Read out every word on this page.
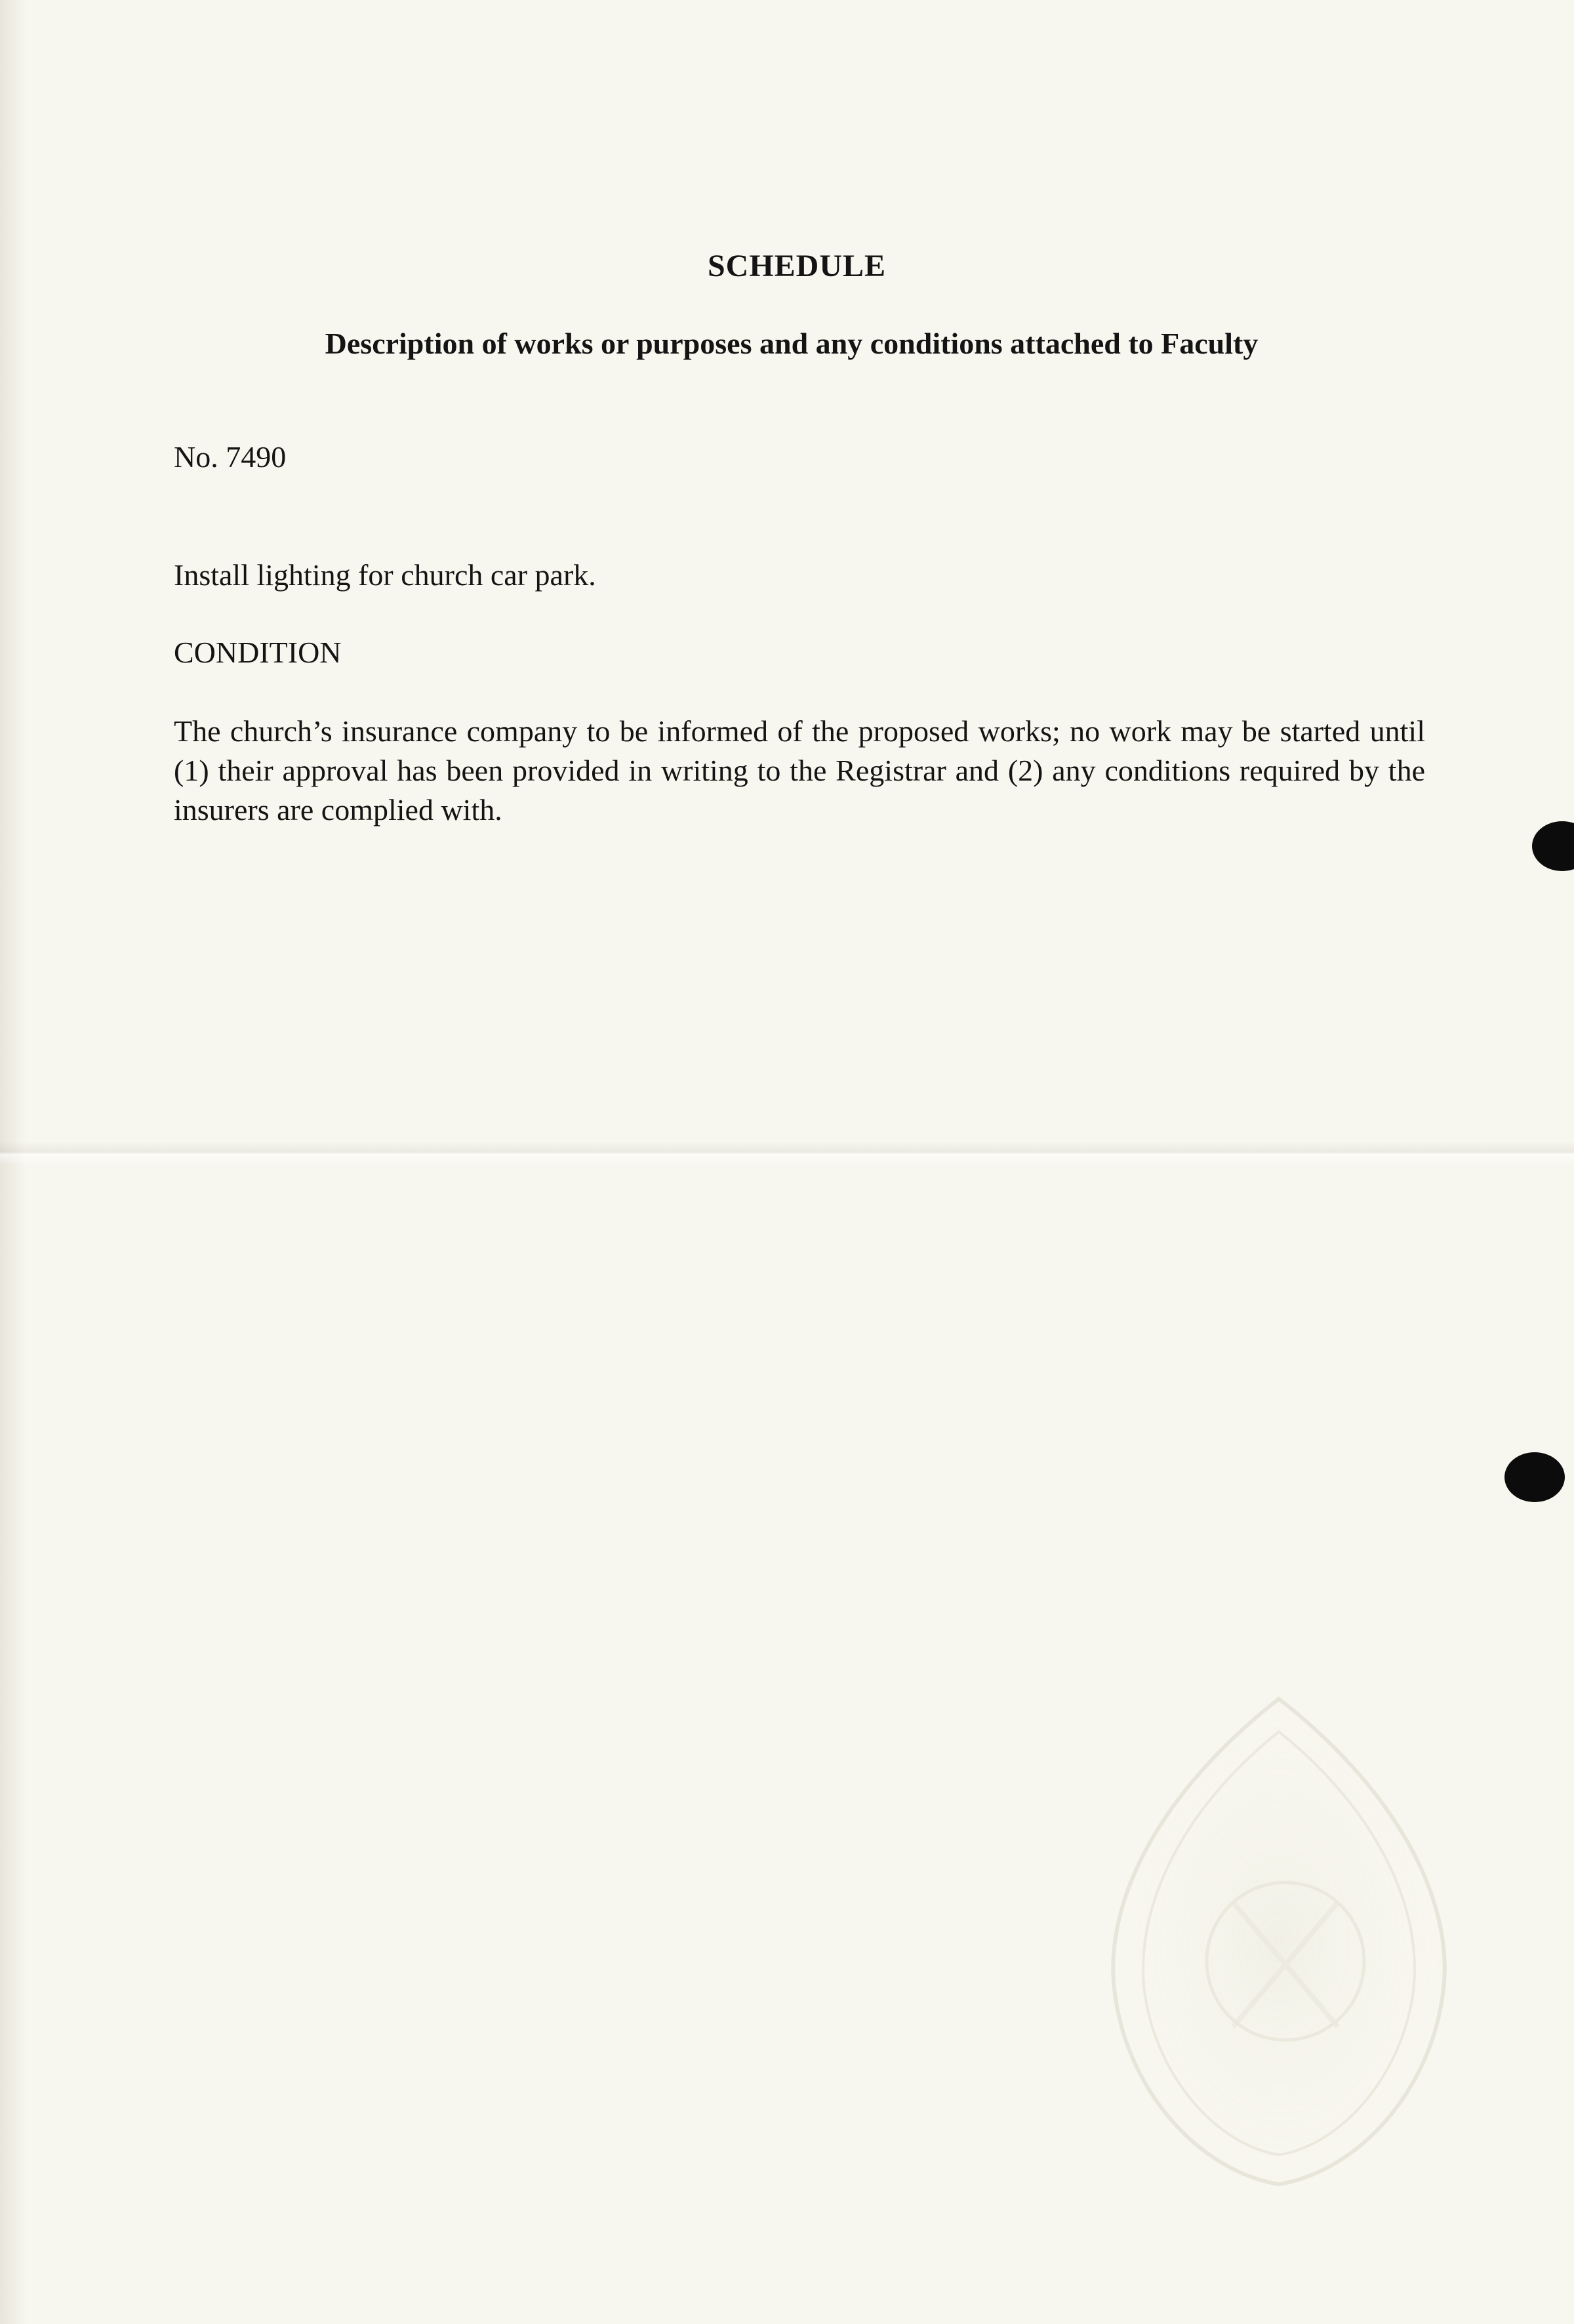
SCHEDULE
Description of works or purposes and any conditions attached to Faculty

No. 7490

Install lighting for church car park.

CONDITION

The church’s insurance company to be informed of the proposed works; no work may be started until (1) their approval has been provided in writing to the Registrar and (2) any conditions required by the insurers are complied with.
